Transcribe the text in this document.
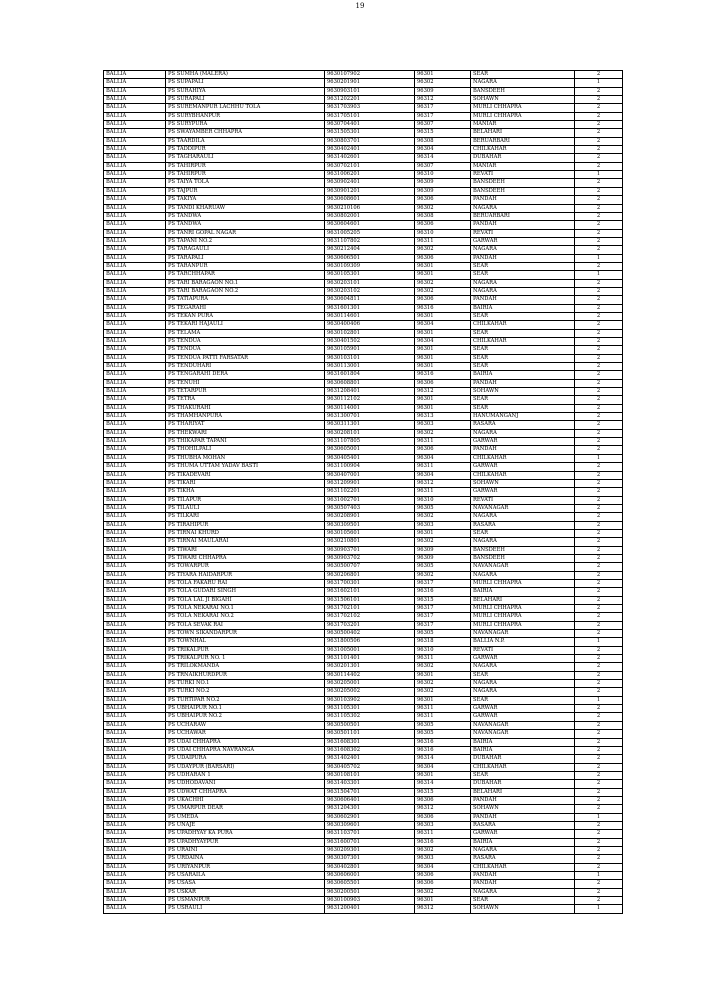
19
BALLIA	PS SUMHA (MALERA)	9630107902	96301	SEAR	2
BALLIA	PS SUPAPALI	9630201901	96302	NAGARA	1
BALLIA	PS SURAHIYA	9630903101	96309	BANSDEEH	2
BALLIA	PS SURAPALI	9631202201	96312	SOHAWN	2
BALLIA	PS SUREMANPUR LACHHU TOLA	9631703903	96317	MURLI CHHAPRA	2
BALLIA	PS SURYBHANPUR	9631705101	96317	MURLI CHHAPRA	2
BALLIA	PS SURYPURA	9630704401	96307	MANIAR	2
BALLIA	PS SWAYAMBER CHHAPRA	9631505301	96315	BELAHARI	2
BALLIA	PS TAARDILA	9630803701	96308	BERUARBARI	2
BALLIA	PS TADDIPUR	9630402401	96304	CHILKAHAR	2
BALLIA	PS TAGHARAULI	9631402601	96314	DUBAHAR	2
BALLIA	PS TAHIRPUR	9630702101	96307	MANIAR	2
BALLIA	PS TAHIRPUR	9631006201	96310	REVATI	1
BALLIA	PS TAIYA TOLA	9630902401	96309	BANSDEEH	2
BALLIA	PS TAJPUR	9630901201	96309	BANSDEEH	2
BALLIA	PS TAKIYA	9630608601	96306	PANDAH	2
BALLIA	PS TANDI KHARUAW	9630210106	96302	NAGARA	2
BALLIA	PS TANDWA	9630802001	96308	BERUARBARI	2
BALLIA	PS TANDWA	9630604601	96306	PANDAH	2
BALLIA	PS TANRI GOPAL NAGAR	9631005205	96310	REVATI	2
BALLIA	PS TAPANI NO.2	9631107802	96311	GARWAR	2
BALLIA	PS TARAGAULI	9630212404	96302	NAGARA	2
BALLIA	PS TARAPALI	9630606501	96306	PANDAH	1
BALLIA	PS TARANPUR	9630109309	96301	SEAR	2
BALLIA	PS TARCHHAPAR	9630105301	96301	SEAR	1
BALLIA	PS TARI BARAGAON NO.1	9630203101	96302	NAGARA	2
BALLIA	PS TARI BARAGAON NO.2	9630203102	96302	NAGARA	2
BALLIA	PS TATIAPURA	9630604811	96306	PANDAH	2
BALLIA	PS TEGARAHI	9631601301	96316	BAIRIA	2
BALLIA	PS TEKAN PURA	9630114601	96301	SEAR	2
BALLIA	PS TEKARI HAJAULI	9630400406	96304	CHILKAHAR	2
BALLIA	PS TELAMA	9630102801	96301	SEAR	2
BALLIA	PS TENDUA	9630401502	96304	CHILKAHAR	2
BALLIA	PS TENDUA	9630105901	96301	SEAR	2
BALLIA	PS TENDUA PATTI FARSATAR	9630103101	96301	SEAR	2
BALLIA	PS TENDUHARI	9630113001	96301	SEAR	2
BALLIA	PS TENGARAHI DERA	9631601804	96316	BAIRIA	2
BALLIA	PS TENUHI	9630608801	96306	PANDAH	2
BALLIA	PS TETARPUR	9631208401	96312	SOHAWN	2
BALLIA	PS TETRA	9630112102	96301	SEAR	2
BALLIA	PS THAKURAHI	9630114001	96301	SEAR	2
BALLIA	PS THAMHANPURA	9631300701	96313	HANUMANGANJ	2
BALLIA	PS THARIYAT	9630311301	96303	RASARA	2
BALLIA	PS THEKWARI	9630208101	96302	NAGARA	2
BALLIA	PS THIKAPAR TAPANI	9631107805	96311	GARWAR	2
BALLIA	PS THOHILPALI	9630605001	96306	PANDAH	2
BALLIA	PS THUBHA MOHAN	9630405401	96304	CHILKAHAR	1
BALLIA	PS THUMA UTTAM YADAV BASTI	9631100904	96311	GARWAR	2
BALLIA	PS TIKADEVARI	9630407001	96304	CHILKAHAR	2
BALLIA	PS TIKARI	9631209901	96312	SOHAWN	2
BALLIA	PS TIKHA	9631102201	96311	GARWAR	2
BALLIA	PS TILAPUR	9631002701	96310	REVATI	2
BALLIA	PS TILAULI	9630507403	96305	NAVANAGAR	2
BALLIA	PS TILKARI	9630208901	96302	NAGARA	2
BALLIA	PS TIRAHIPUR	9630309501	96303	RASARA	2
BALLIA	PS TIRNAI KHURD	9630105601	96301	SEAR	2
BALLIA	PS TIRNAI MAULARAI	9630210801	96302	NAGARA	2
BALLIA	PS TIWARI	9630903701	96309	BANSDEEH	2
BALLIA	PS TIWARI CHHAPRA	9630903702	96309	BANSDEEH	2
BALLIA	PS TOWARPUR	9630500707	96305	NAVANAGAR	2
BALLIA	PS TIYARA HAIDARPUR	9630206801	96302	NAGARA	2
BALLIA	PS TOLA FAKARU RAI	9631700301	96317	MURLI CHHAPRA	2
BALLIA	PS TOLA GUDARI SINGH	9631602101	96316	BAIRIA	2
BALLIA	PS TOLA LAL JI BIGAHI	9631506101	96315	BELAHARI	2
BALLIA	PS TOLA NEKARAI NO.1	9631702101	96317	MURLI CHHAPRA	2
BALLIA	PS TOLA NEKARAI NO.2	9631702102	96317	MURLI CHHAPRA	2
BALLIA	PS TOLA SEVAK RAI	9631703201	96317	MURLI CHHAPRA	2
BALLIA	PS TOWN SIKANDARPUR	9630500402	96305	NAVANAGAR	2
BALLIA	PS TOWNHAL	9631800506	96318	BALLIA N.P.	1
BALLIA	PS TRIKALPUR	9631005001	96310	REVATI	2
BALLIA	PS TRIKALPUR NO. 1	9631101401	96311	GARWAR	2
BALLIA	PS TRILOKMANDA	9630201301	96302	NAGARA	2
BALLIA	PS TRNAIKHURDPUR	9630114402	96301	SEAR	2
BALLIA	PS TURKI NO.1	9630205001	96302	NAGARA	2
BALLIA	PS TURKI NO.2	9630205002	96302	NAGARA	2
BALLIA	PS TURTIPAR NO.2	9630103902	96301	SEAR	1
BALLIA	PS UBHAIPUR NO.1	9631105301	96311	GARWAR	2
BALLIA	PS UBHAIPUR NO.2	9631105302	96311	GARWAR	2
BALLIA	PS UCHARAW	9630500501	96305	NAVANAGAR	2
BALLIA	PS UCHAWAR	9630501101	96305	NAVANAGAR	2
BALLIA	PS UDAI CHHAPRA	9631608301	96316	BAIRIA	2
BALLIA	PS UDAI CHHAPRA NAVRANGA	9631608302	96316	BAIRIA	2
BALLIA	PS UDAIPURA	9631402401	96314	DUBAHAR	2
BALLIA	PS UDAYPUR (BARSARI)	9630405702	96304	CHILKAHAR	2
BALLIA	PS UDHARAN 1	9630108101	96301	SEAR	2
BALLIA	PS UDHODAVANI	9631403301	96314	DUBAHAR	2
BALLIA	PS UDWAT CHHAPRA	9631504701	96315	BELAHARI	2
BALLIA	PS UKACHHI	9630606401	96306	PANDAH	2
BALLIA	PS UMARPUR DEAR	9631204301	96312	SOHAWN	2
BALLIA	PS UMEDA	9630602901	96306	PANDAH	1
BALLIA	PS UNAJE	9630309601	96303	RASARA	2
BALLIA	PS UPADHYAY KA PURA	9631103701	96311	GARWAR	2
BALLIA	PS UPADHYAYPUR	9631600701	96316	BAIRIA	2
BALLIA	PS URAINI	9630209301	96302	NAGARA	2
BALLIA	PS URDAINA	9630307301	96303	RASARA	2
BALLIA	PS URIYANPUR	9630402801	96304	CHILKAHAR	2
BALLIA	PS USARAILA	9630606001	96306	PANDAH	1
BALLIA	PS USASA	9630605501	96306	PANDAH	2
BALLIA	PS USKAR	9630200501	96302	NAGARA	2
BALLIA	PS USMANPUR	9630100903	96301	SEAR	2
BALLIA	PS USRAULI	9631200401	96312	SOHAWN	1
